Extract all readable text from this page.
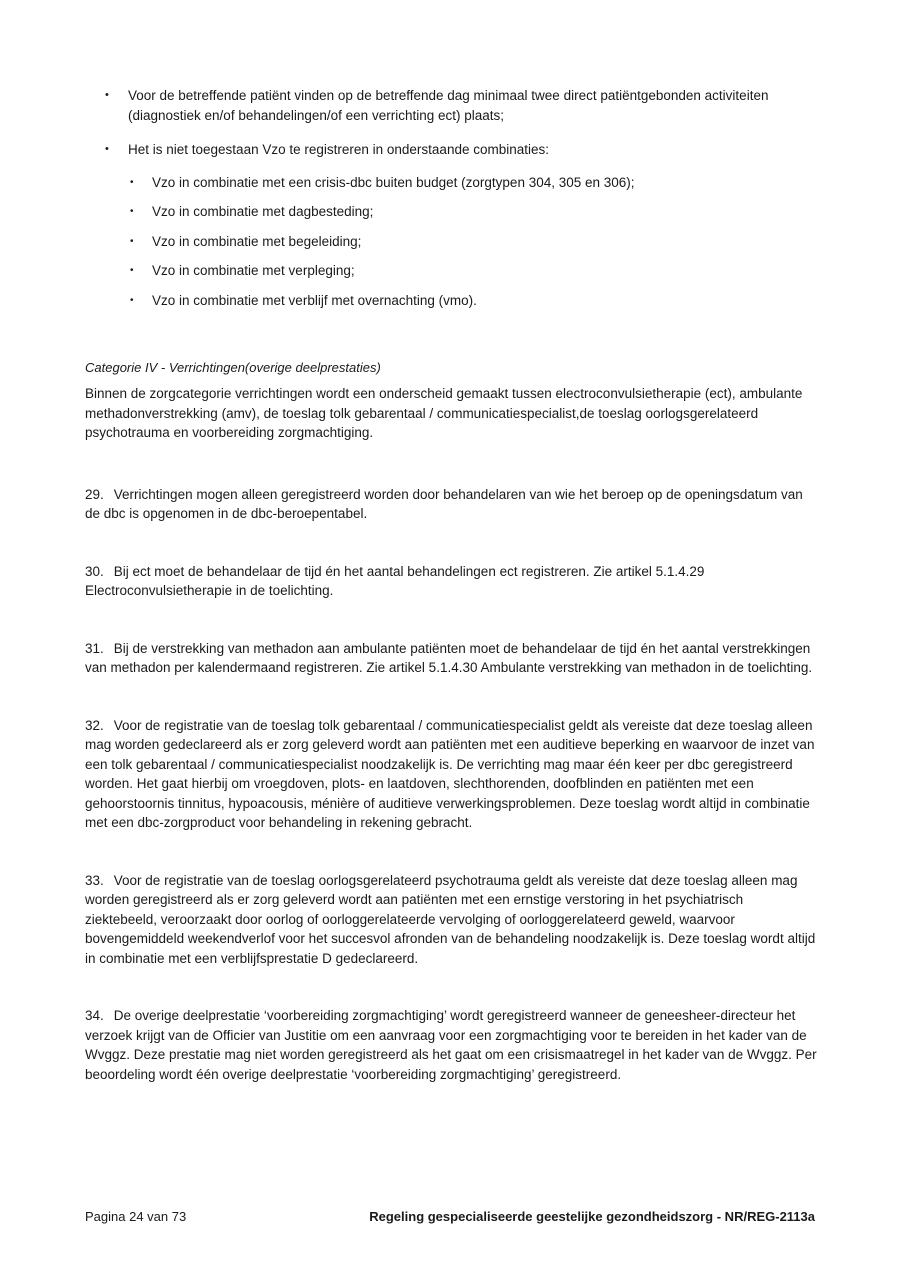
•	Voor de betreffende patiënt vinden op de betreffende dag minimaal twee direct patiëntgebonden activiteiten (diagnostiek en/of behandelingen/of een verrichting ect) plaats;
•	Het is niet toegestaan Vzo te registreren in onderstaande combinaties:
•	Vzo in combinatie met een crisis-dbc buiten budget (zorgtypen 304, 305 en 306);
•	Vzo in combinatie met dagbesteding;
•	Vzo in combinatie met begeleiding;
•	Vzo in combinatie met verpleging;
•	Vzo in combinatie met verblijf met overnachting (vmo).
Categorie IV - Verrichtingen(overige deelprestaties)

Binnen de zorgcategorie verrichtingen wordt een onderscheid gemaakt tussen electroconvulsietherapie (ect), ambulante methadonverstrekking (amv), de toeslag tolk gebarentaal / communicatiespecialist,de toeslag oorlogsgerelateerd psychotrauma en voorbereiding zorgmachtiging.

29. Verrichtingen mogen alleen geregistreerd worden door behandelaren van wie het beroep op de openingsdatum van de dbc is opgenomen in de dbc-beroepentabel.

30. Bij ect moet de behandelaar de tijd én het aantal behandelingen ect registreren. Zie artikel 5.1.4.29 Electroconvulsietherapie in de toelichting.

31. Bij de verstrekking van methadon aan ambulante patiënten moet de behandelaar de tijd én het aantal verstrekkingen van methadon per kalendermaand registreren. Zie artikel 5.1.4.30 Ambulante verstrekking van methadon in de toelichting.

32. Voor de registratie van de toeslag tolk gebarentaal / communicatiespecialist geldt als vereiste dat deze toeslag alleen mag worden gedeclareerd als er zorg geleverd wordt aan patiënten met een auditieve beperking en waarvoor de inzet van een tolk gebarentaal / communicatiespecialist noodzakelijk is. De verrichting mag maar één keer per dbc geregistreerd worden. Het gaat hierbij om vroegdoven, plots- en laatdoven, slechthorenden, doofblinden en patiënten met een gehoorstoornis tinnitus, hypoacousis, ménière of auditieve verwerkingsproblemen. Deze toeslag wordt altijd in combinatie met een dbc-zorgproduct voor behandeling in rekening gebracht.

33. Voor de registratie van de toeslag oorlogsgerelateerd psychotrauma geldt als vereiste dat deze toeslag alleen mag worden geregistreerd als er zorg geleverd wordt aan patiënten met een ernstige verstoring in het psychiatrisch ziektebeeld, veroorzaakt door oorlog of oorloggerelateerde vervolging of oorloggerelateerd geweld, waarvoor bovengemiddeld weekendverlof voor het succesvol afronden van de behandeling noodzakelijk is. Deze toeslag wordt altijd in combinatie met een verblijfsprestatie D gedeclareerd.

34. De overige deelprestatie ‘voorbereiding zorgmachtiging’ wordt geregistreerd wanneer de geneesheer-directeur het verzoek krijgt van de Officier van Justitie om een aanvraag voor een zorgmachtiging voor te bereiden in het kader van de Wvggz. Deze prestatie mag niet worden geregistreerd als het gaat om een crisismaatregel in het kader van de Wvggz. Per beoordeling wordt één overige deelprestatie ‘voorbereiding zorgmachtiging’ geregistreerd.

Pagina 24 van 73	Regeling gespecialiseerde geestelijke gezondheidszorg - NR/REG-2113a
